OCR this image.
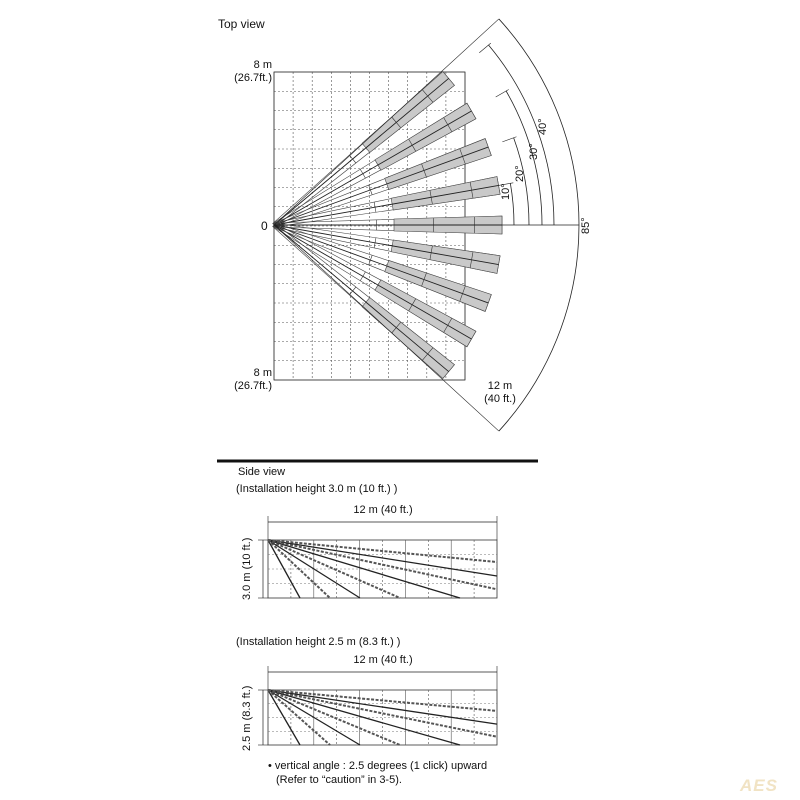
Top view
8 m
(26.7ft.)
0
8 m
(26.7ft.)	12 m
(40 ft.)
10°
20°
30°
40°
85°
Side view
(Installation height 3.0 m (10 ft.) )
12 m (40 ft.)
3.0 m (10 ft.)
(Installation height 2.5 m (8.3 ft.) )
12 m (40 ft.)
2.5 m (8.3 ft.)
• vertical angle : 2.5 degrees (1 click) upward
(Refer to “caution” in 3-5).	AES
